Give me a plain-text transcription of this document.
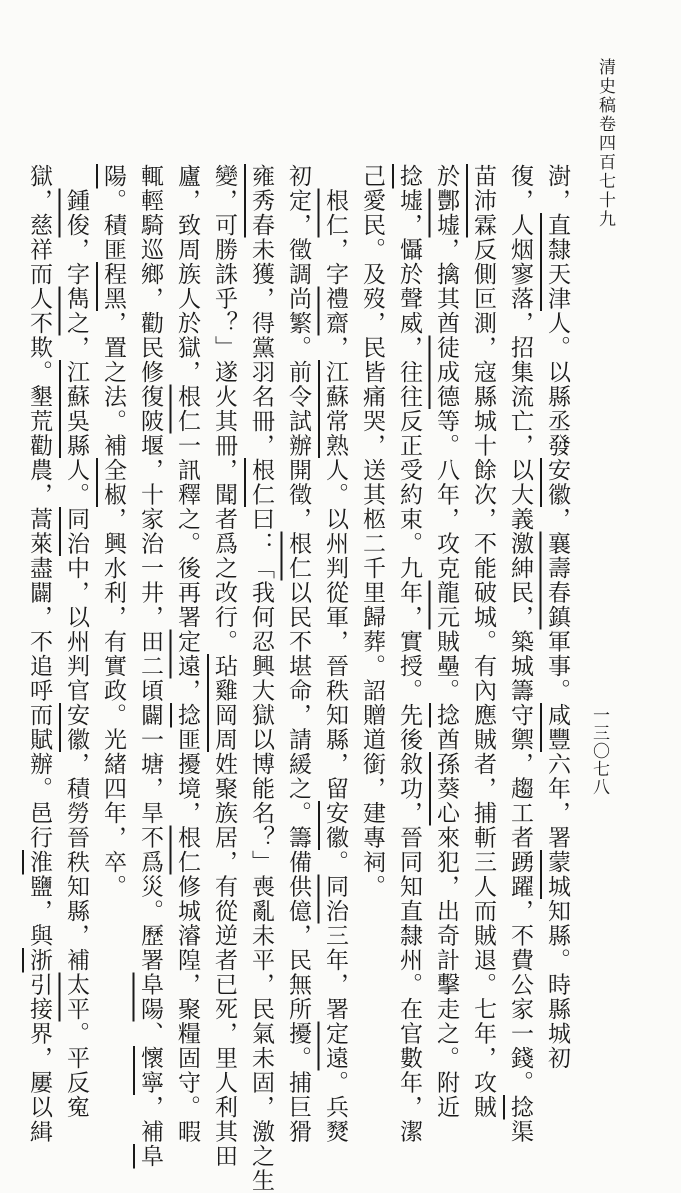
清史稿卷四百七十九
一三〇七八
澍，直隸天津人。以縣丞發安徽，襄壽春鎮軍事。咸豐六年，署蒙城知縣。時縣城初
復，人烟寥落，招集流亡，以大義激紳民，築城籌守禦，趨工者踴躍，不費公家一錢。捻渠
苗沛霖反側叵測，寇縣城十餘次，不能破城。有內應賊者，捕斬三人而賊退。七年，攻賊
於酆墟，擒其酋徒成德等。八年，攻克龍元賊壘。捻酋孫葵心來犯，出奇計擊走之。附近
捻墟，懾於聲威，往往反正受約束。九年，實授。先後敘功，晉同知直隸州。在官數年，潔
己愛民。及歿，民皆痛哭，送其柩二千里歸葬。詔贈道銜，建專祠。
　根仁，字禮齋，江蘇常熟人。以州判從軍，晉秩知縣，留安徽。同治三年，署定遠。兵燹
初定，徵調尚繁。前令試辦開徵，根仁以民不堪命，請緩之。籌備供億，民無所擾。捕巨猾
雍秀春未獲，得黨羽名冊，根仁曰：「我何忍興大獄以博能名？」喪亂未平，民氣未固，激之生
變，可勝誅乎？」遂火其冊，聞者爲之改行。玷雞岡周姓聚族居，有從逆者已死，里人利其田
廬，致周族人於獄，根仁一訊釋之。後再署定遠，捻匪擾境，根仁修城濬隍，聚糧固守。暇
輒輕騎巡鄉，勸民修復陂堰，十家治一井，田二頃闢一塘，旱不爲災。歷署阜陽、懷寧，補阜
陽。積匪程黑，置之法。補全椒，興水利，有實政。光緒四年，卒。
　鍾俊，字雋之，江蘇吳縣人。同治中，以州判官安徽，積勞晉秩知縣，補太平。平反寃
獄，慈祥而人不欺。墾荒勸農，蒿萊盡闢，不追呼而賦辦。邑行淮鹽，與浙引接界，屢以緝
